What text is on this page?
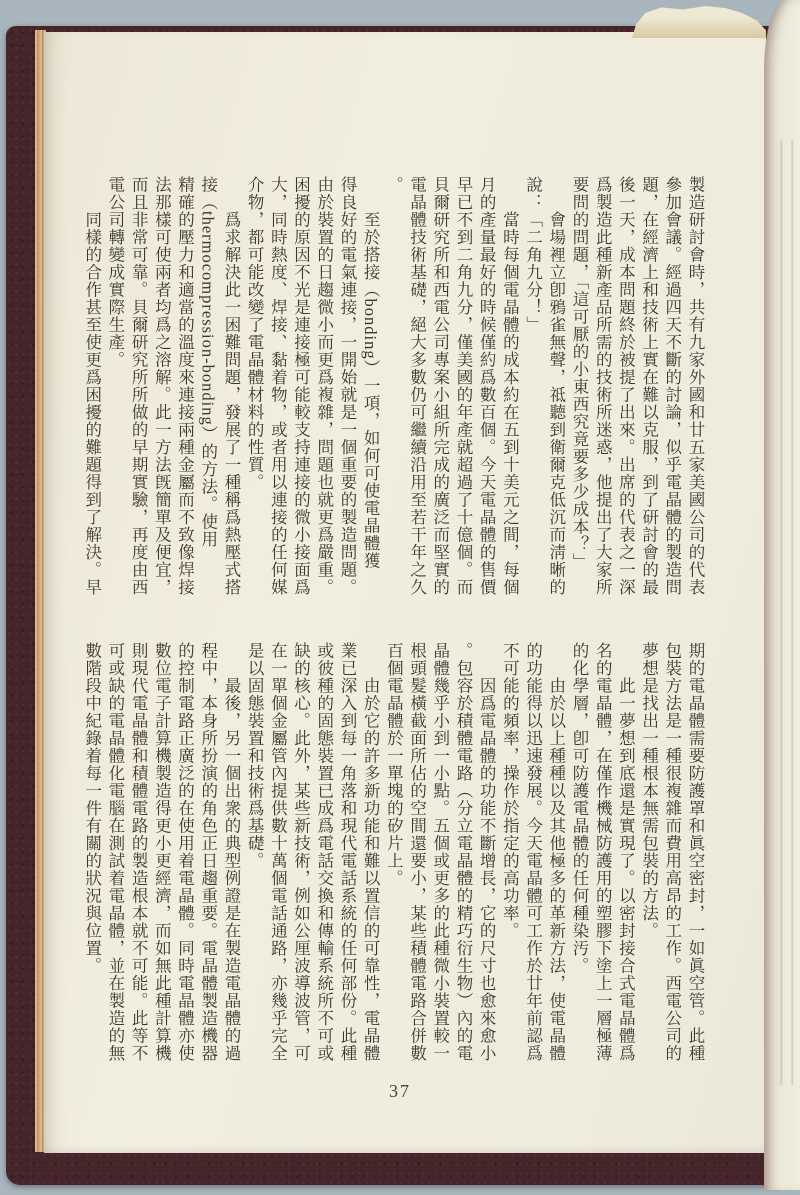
製造研討會時，共有九家外國和廿五家美國公司的代表
參加會議。經過四天不斷的討論，似乎電晶體的製造問
題，在經濟上和技術上實在難以克服，到了研討會的最
後一天，成本問題終於被提了出來。出席的代表之一深
爲製造此種新產品所需的技術所迷惑，他提出了大家所
要問的問題，「這可厭的小東西究竟要多少成本？」
　　會場裡立卽鴉雀無聲，祗聽到衛爾克低沉而淸晰的
說：「二角九分！」
　　當時每個電晶體的成本約在五到十美元之間，每個
月的產量最好的時候僅約爲數百個。今天電晶體的售價
早已不到二角九分，僅美國的年產就超過了十億個。而
貝爾研究所和西電公司專案小組所完成的廣泛而堅實的
電晶體技術基礎，絕大多數仍可繼續沿用至若干年之久
。
　　至於搭接（bonding）一項，如何可使電晶體獲
得良好的電氣連接，一開始就是一個重要的製造問題。
由於裝置的日趨微小而更爲複雜，問題也就更爲嚴重。
困擾的原因不光是連接極可能較支持連接的微小接面爲
大，同時熱度、焊接、黏着物，或者用以連接的任何媒
介物，都可能改變了電晶體材料的性質。
　　爲求解決此一困難問題，發展了一種稱爲熱壓式搭
接（thermocompression-bonding）的方法。使用
精確的壓力和適當的溫度來連接兩種金屬而不致像焊接
法那樣可使兩者均爲之溶解。此一方法旣簡單及便宜，
而且非常可靠。貝爾研究所所做的早期實驗，再度由西
電公司轉變成實際生產。
　　同樣的合作甚至使更爲困擾的難題得到了解決。早
期的電晶體需要防護罩和眞空密封，一如眞空管。此種
包裝方法是一種很複雜而費用高昂的工作。西電公司的
夢想是找出一種根本無需包裝的方法。
　　此一夢想到底還是實現了。以密封接合式電晶體爲
名的電晶體，在僅作機械防護用的塑膠下塗上一層極薄
的化學層，卽可防護電晶體的任何種染汚。
　　由於以上種種以及其他極多的革新方法，使電晶體
的功能得以迅速發展。今天電晶體可工作於廿年前認爲
不可能的頻率，操作於指定的高功率。
　　因爲電晶體的功能不斷增長，它的尺寸也愈來愈小
。包容於積體電路（分立電晶體的精巧衍生物）內的電
晶體幾乎小到一小點。五個或更多的此種微小裝置較一
根頭髮橫截面所佔的空間還要小，某些積體電路合併數
百個電晶體於一單塊的矽片上。
　　由於它的許多新功能和難以置信的可靠性，電晶體
業已深入到每一角落和現代電話系統的任何部份。此種
或彼種的固態裝置已成爲電話交換和傳輸系統所不可或
缺的核心。此外，某些新技術，例如公厘波導波管，可
在一單個金屬管內提供數十萬個電話通路，亦幾乎完全
是以固態裝置和技術爲基礎。
　　最後，另一個出衆的典型例證是在製造電晶體的過
程中，本身所扮演的角色正日趨重要。電晶體製造機器
的控制電路正廣泛的在使用着電晶體。同時電晶體亦使
數位電子計算機製造得更小更經濟，而如無此種計算機
則現代電晶體和積體電路的製造根本就不可能。此等不
可或缺的電晶體化電腦在測試着電晶體，並在製造的無
數階段中紀錄着每一件有關的狀況與位置。
37
